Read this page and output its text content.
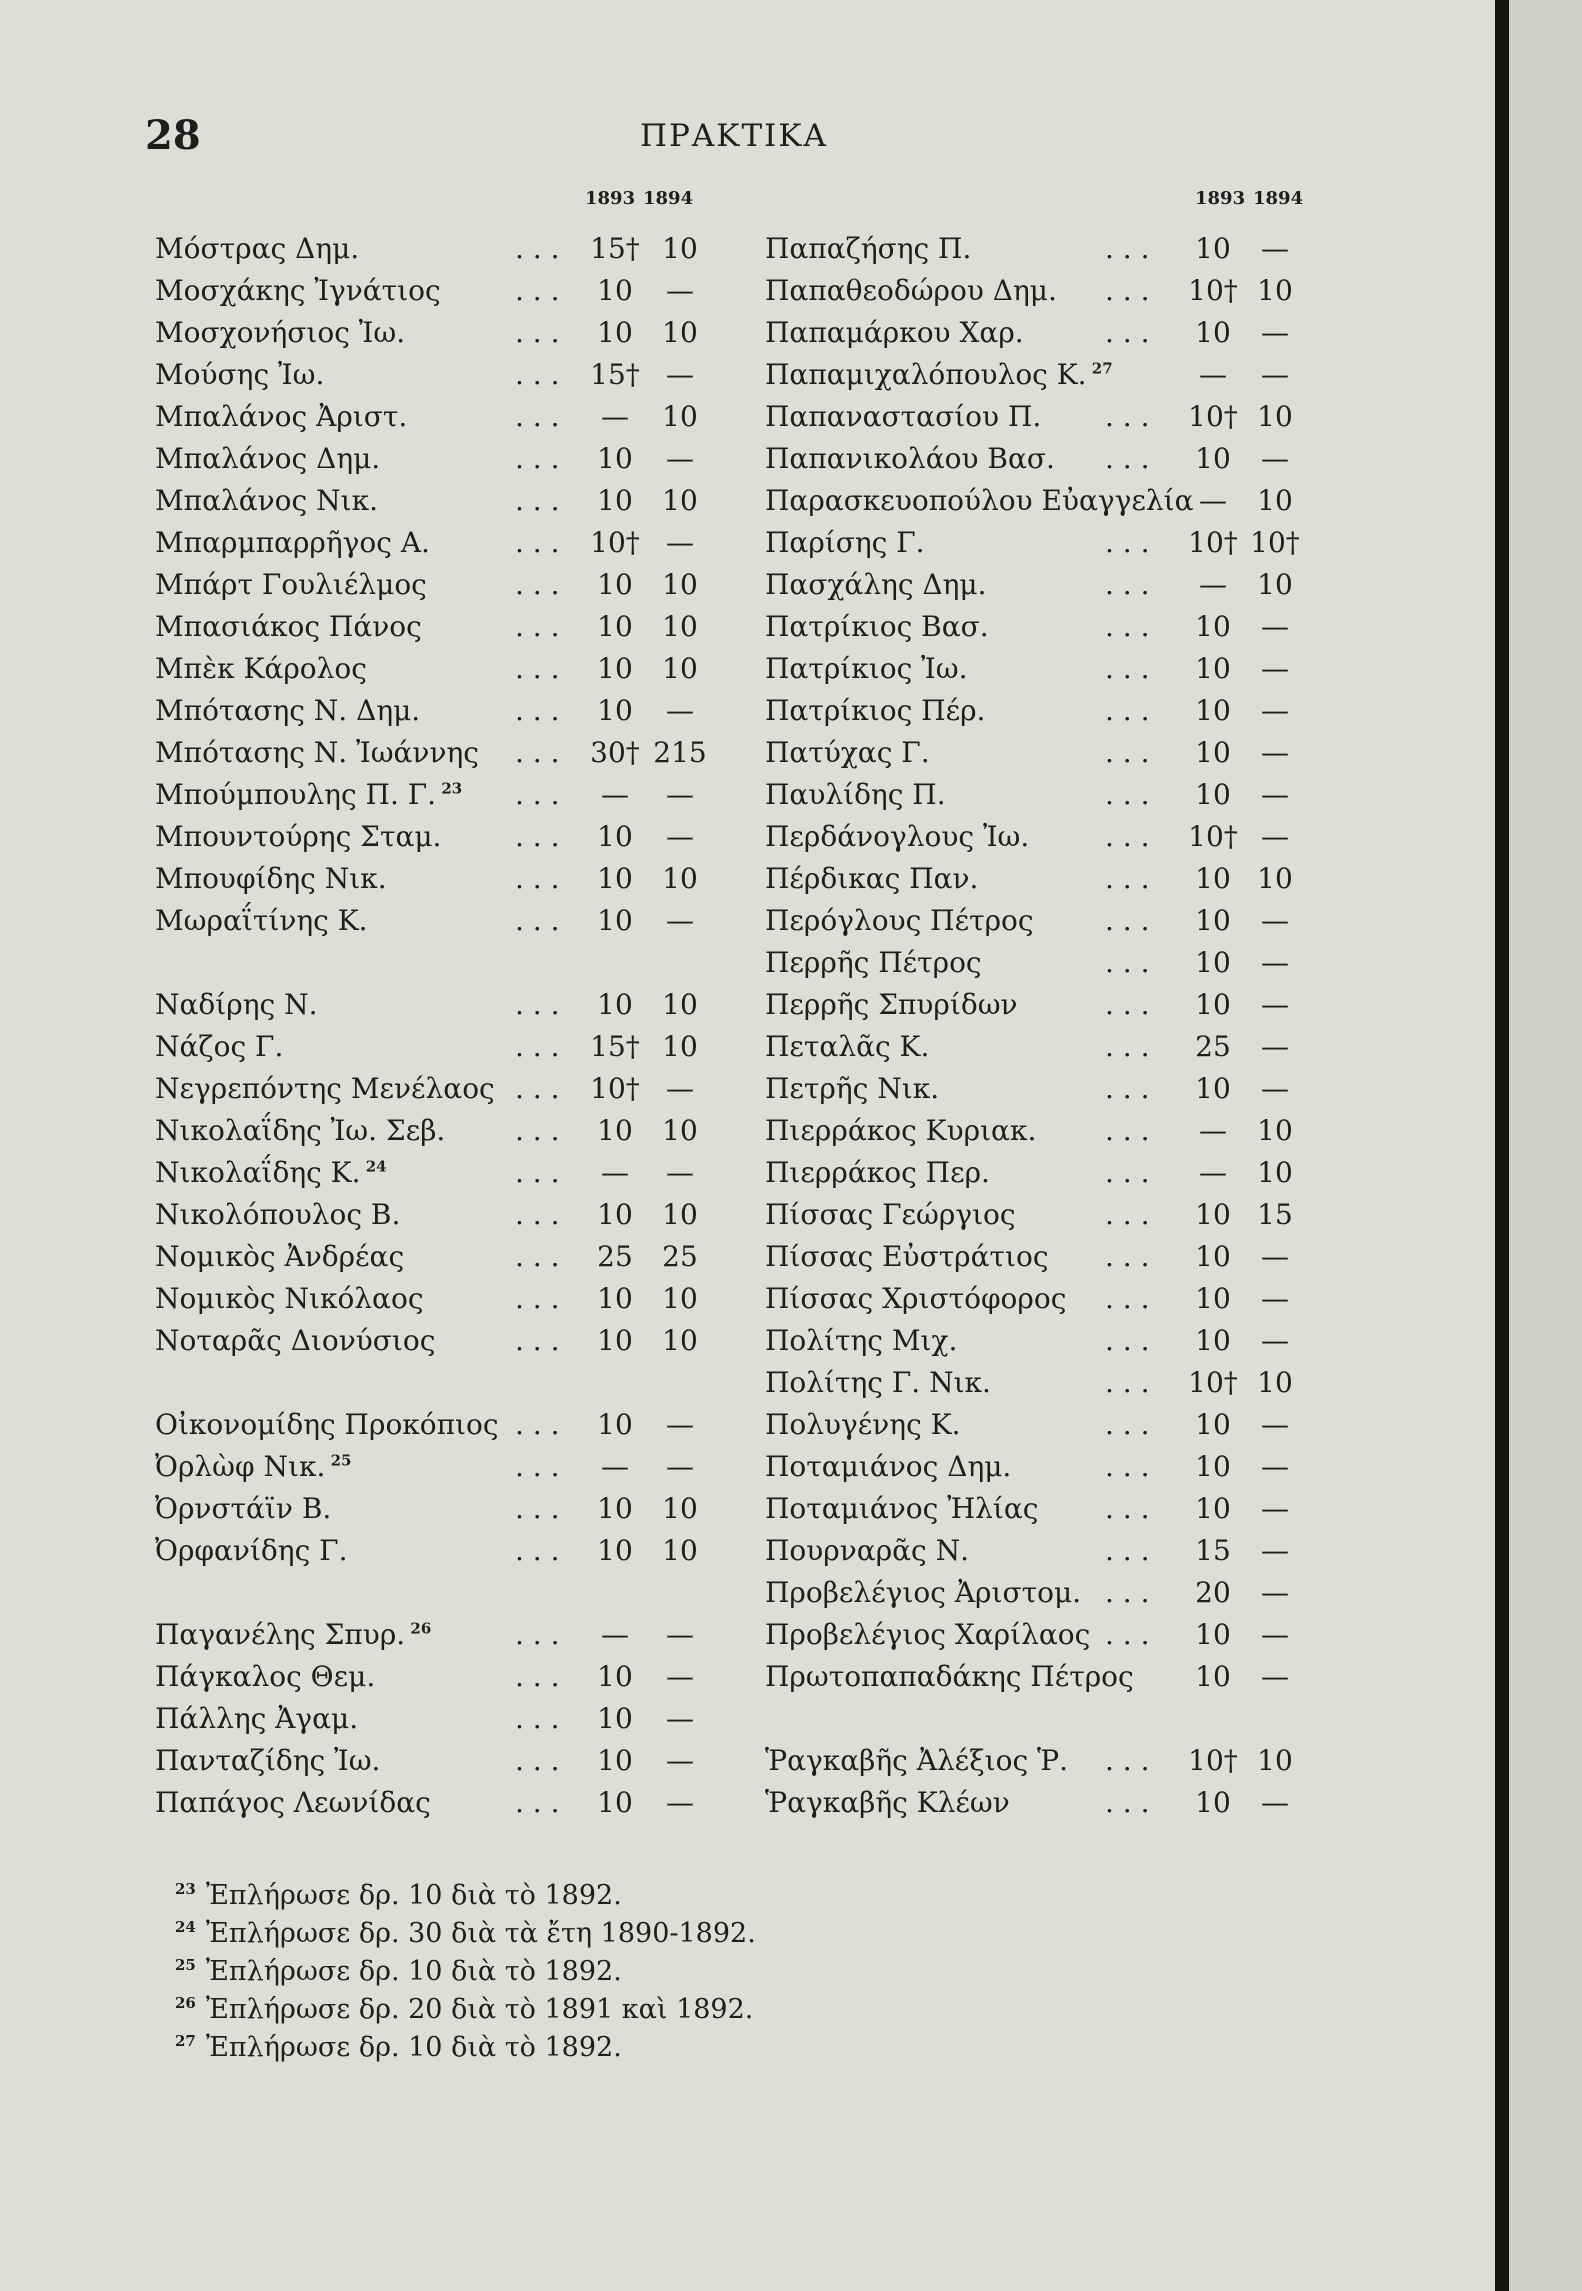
28	ΠΡΑΚΤΙΚΑ
1893 1894	1893 1894
Μόστρας Δημ.	. . .	15† 10
Μοσχάκης Ἰγνάτιος	. . .	10	—
Μοσχονήσιος Ἰω.	. . .	10	10
Μούσης Ἰω.	. . .	15† —
Μπαλάνος Ἀριστ.	. . .	—	10
Μπαλάνος Δημ.	. . .	10	—
Μπαλάνος Νικ.	. . .	10	10
Μπαρμπαρρῆγος Α.	. . .	10† —
Μπάρτ Γουλιέλμος	. . .	10	10
Μπασιάκος Πάνος	. . .	10	10
Μπὲκ Κάρολος	. . .	10	10
Μπότασης Ν. Δημ.	. . .	10	—
Μπότασης Ν. Ἰωάννης . . .	30† 215
Μπούμπουλης Π. Γ. $^{23}$ . . .	—	—
Μπουντούρης Σταμ.	. . .	10	—
Μπουφίδης Νικ.	. . .	10	10
Μωραΐτίνης Κ.	. . .	10	—
Ναδίρης Ν.	. . .	10	10
Νάζος Γ.	. . .	15† 10
Νεγρεπόντης Μενέλαος . . .	10† —
Νικολαΐδης Ἰω. Σεβ. . . .	10	10
Νικολαΐδης Κ. $^{24}$	. . .	—	—
Νικολόπουλος Β.	. . .	10	10
Νομικὸς Ἀνδρέας	. . .	25	25
Νομικὸς Νικόλαος	. . .	10	10
Νοταρᾶς Διονύσιος	. . .	10	10
Οἰκονομίδης Προκόπιος . . .	10	—
Ὀρλὼφ Νικ. $^{25}$	. . .	—	—
Ὀρνστάϊν Β.	. . .	10	10
Ὀρφανίδης Γ.	. . .	10	10
Παγανέλης Σπυρ. $^{26}$	. . .	—	—
Πάγκαλος Θεμ.	. . .	10	—
Πάλλης Ἀγαμ.	. . .	10	—
Πανταζίδης Ἰω.	. . .	10	—
Παπάγος Λεωνίδας	. . .	10	—
Παπαζήσης Π.	. . .	10	—
Παπαθεοδώρου Δημ. . . .	10† 10
Παπαμάρκου Χαρ.	. . .	10	—
Παπαμιχαλόπουλος Κ. $^{27}$	—	—
Παπαναστασίου Π. . . .	10† 10
Παπανικολάου Βασ. . . .	10	—
Παρασκευοπούλου Εὐαγγελία —	10
Παρίσης Γ.	. . .	10† 10†
Πασχάλης Δημ.	. . .	—	10
Πατρίκιος Βασ.	. . .	10	—
Πατρίκιος Ἰω.	. . .	10	—
Πατρίκιος Πέρ.	. . .	10	—
Πατύχας Γ.	. . .	10	—
Παυλίδης Π.	. . .	10	—
Περδάνογλους Ἰω.	. . .	10† —
Πέρδικας Παν.	. . .	10 10
Περόγλους Πέτρος	. . .	10	—
Περρῆς Πέτρος	. . .	10	—
Περρῆς Σπυρίδων	. . .	10	—
Πεταλᾶς Κ.	. . .	25	—
Πετρῆς Νικ.	. . .	10	—
Πιερράκος Κυριακ. . . .	—	10
Πιερράκος Περ.	. . .	—	10
Πίσσας Γεώργιος	. . .	10 15
Πίσσας Εὐστράτιος . . .	10	—
Πίσσας Χριστόφορος . . .	10	—
Πολίτης Μιχ.	. . .	10	—
Πολίτης Γ. Νικ.	. . .	10† 10
Πολυγένης Κ.	. . .	10	—
Ποταμιάνος Δημ.	. . .	10	—
Ποταμιάνος Ἠλίας . . .	10	—
Πουρναρᾶς Ν.	. . .	15	—
Προβελέγιος Ἀριστομ. . . .	20	—
Προβελέγιος Χαρίλαος . . .	10	—
Πρωτοπαπαδάκης Πέτρος	10	—
Ῥαγκαβῆς Ἀλέξιος Ῥ. . . .	10† 10
Ῥαγκαβῆς Κλέων	. . .	10	—
$^{23}$ Ἐπλήρωσε δρ. 10 διὰ τὸ 1892.
$^{24}$ Ἐπλήρωσε δρ. 30 διὰ τὰ ἔτη 1890-1892.
$^{25}$ Ἐπλήρωσε δρ. 10 διὰ τὸ 1892.
$^{26}$ Ἐπλήρωσε δρ. 20 διὰ τὸ 1891 καὶ 1892.
$^{27}$ Ἐπλήρωσε δρ. 10 διὰ τὸ 1892.
